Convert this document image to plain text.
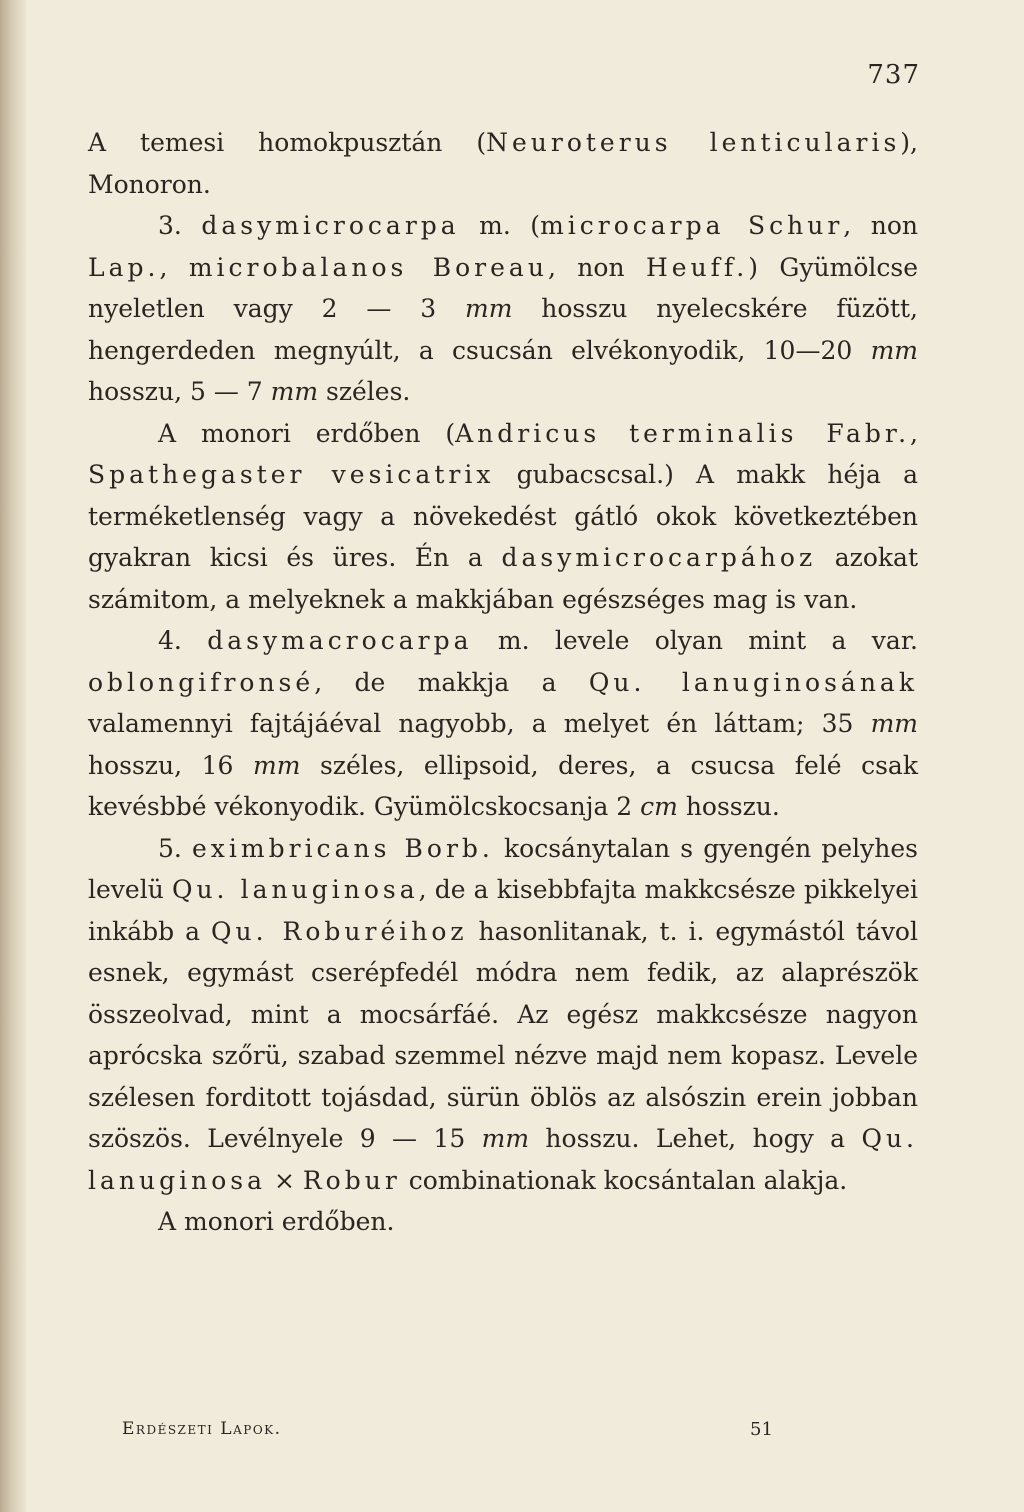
737

A temesi homokpusztán (Neuroterus lenticularis), Monoron.

3. dasymicrocarpa m. (microcarpa Schur, non Lap., microbalanos Boreau, non Heuff.) Gyümölcse nyeletlen vagy 2 — 3 mm hosszu nyelecskére füzött, hengerdeden megnyúlt, a csucsán elvékonyodik, 10—20 mm hosszu, 5 — 7 mm széles.

A monori erdőben (Andricus terminalis Fabr., Spathegaster vesicatrix gubacscsal.) A makk héja a terméketlenség vagy a növekedést gátló okok következtében gyakran kicsi és üres. Én a dasymicrocarpához azokat számitom, a melyeknek a makkjában egészséges mag is van.

4. dasymacrocarpa m. levele olyan mint a var. oblongifronsé, de makkja a Qu. lanuginosának valamennyi fajtájáéval nagyobb, a melyet én láttam; 35 mm hosszu, 16 mm széles, ellipsoid, deres, a csucsa felé csak kevésbbé vékonyodik. Gyümölcskocsanja 2 cm hosszu.

5. eximbricans Borb. kocsánytalan s gyengén pelyhes levelü Qu. lanuginosa, de a kisebbfajta makkcsésze pikkelyei inkább a Qu. Roburéihoz hasonlitanak, t. i. egymástól távol esnek, egymást cserépfedél módra nem fedik, az alaprészök összeolvad, mint a mocsárfáé. Az egész makkcsésze nagyon aprócska szőrü, szabad szemmel nézve majd nem kopasz. Levele szélesen forditott tojásdad, sürün öblös az alsószin erein jobban szöszös. Levélnyele 9 — 15 mm hosszu. Lehet, hogy a Qu. lanuginosa ⨯ Robur combinationak kocsántalan alakja.

A monori erdőben.

Erdészeti Lapok.	51
